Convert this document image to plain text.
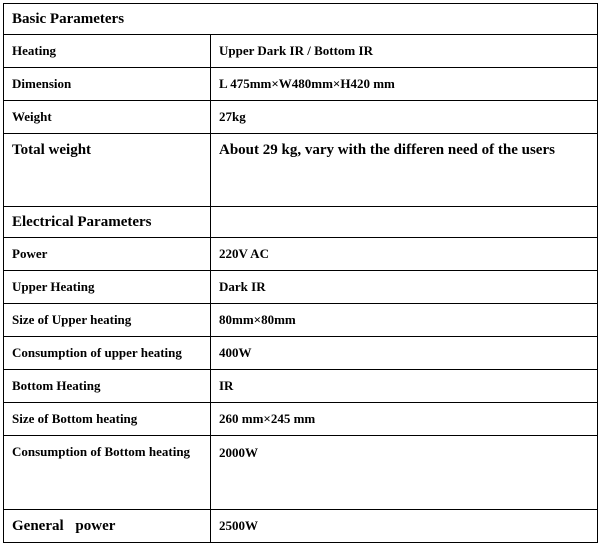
Basic Parameters	
Heating	Upper Dark IR / Bottom IR
Dimension	L 475mm×W480mm×H420 mm
Weight	27kg
Total weight	About 29 kg, vary with the differen need of the users
Electrical Parameters	
Power	220V AC
Upper Heating	Dark IR
Size of Upper heating	80mm×80mm
Consumption of upper heating	400W
Bottom Heating	IR
Size of Bottom heating	260 mm×245 mm
Consumption of Bottom heating	2000W
General power	2500W
